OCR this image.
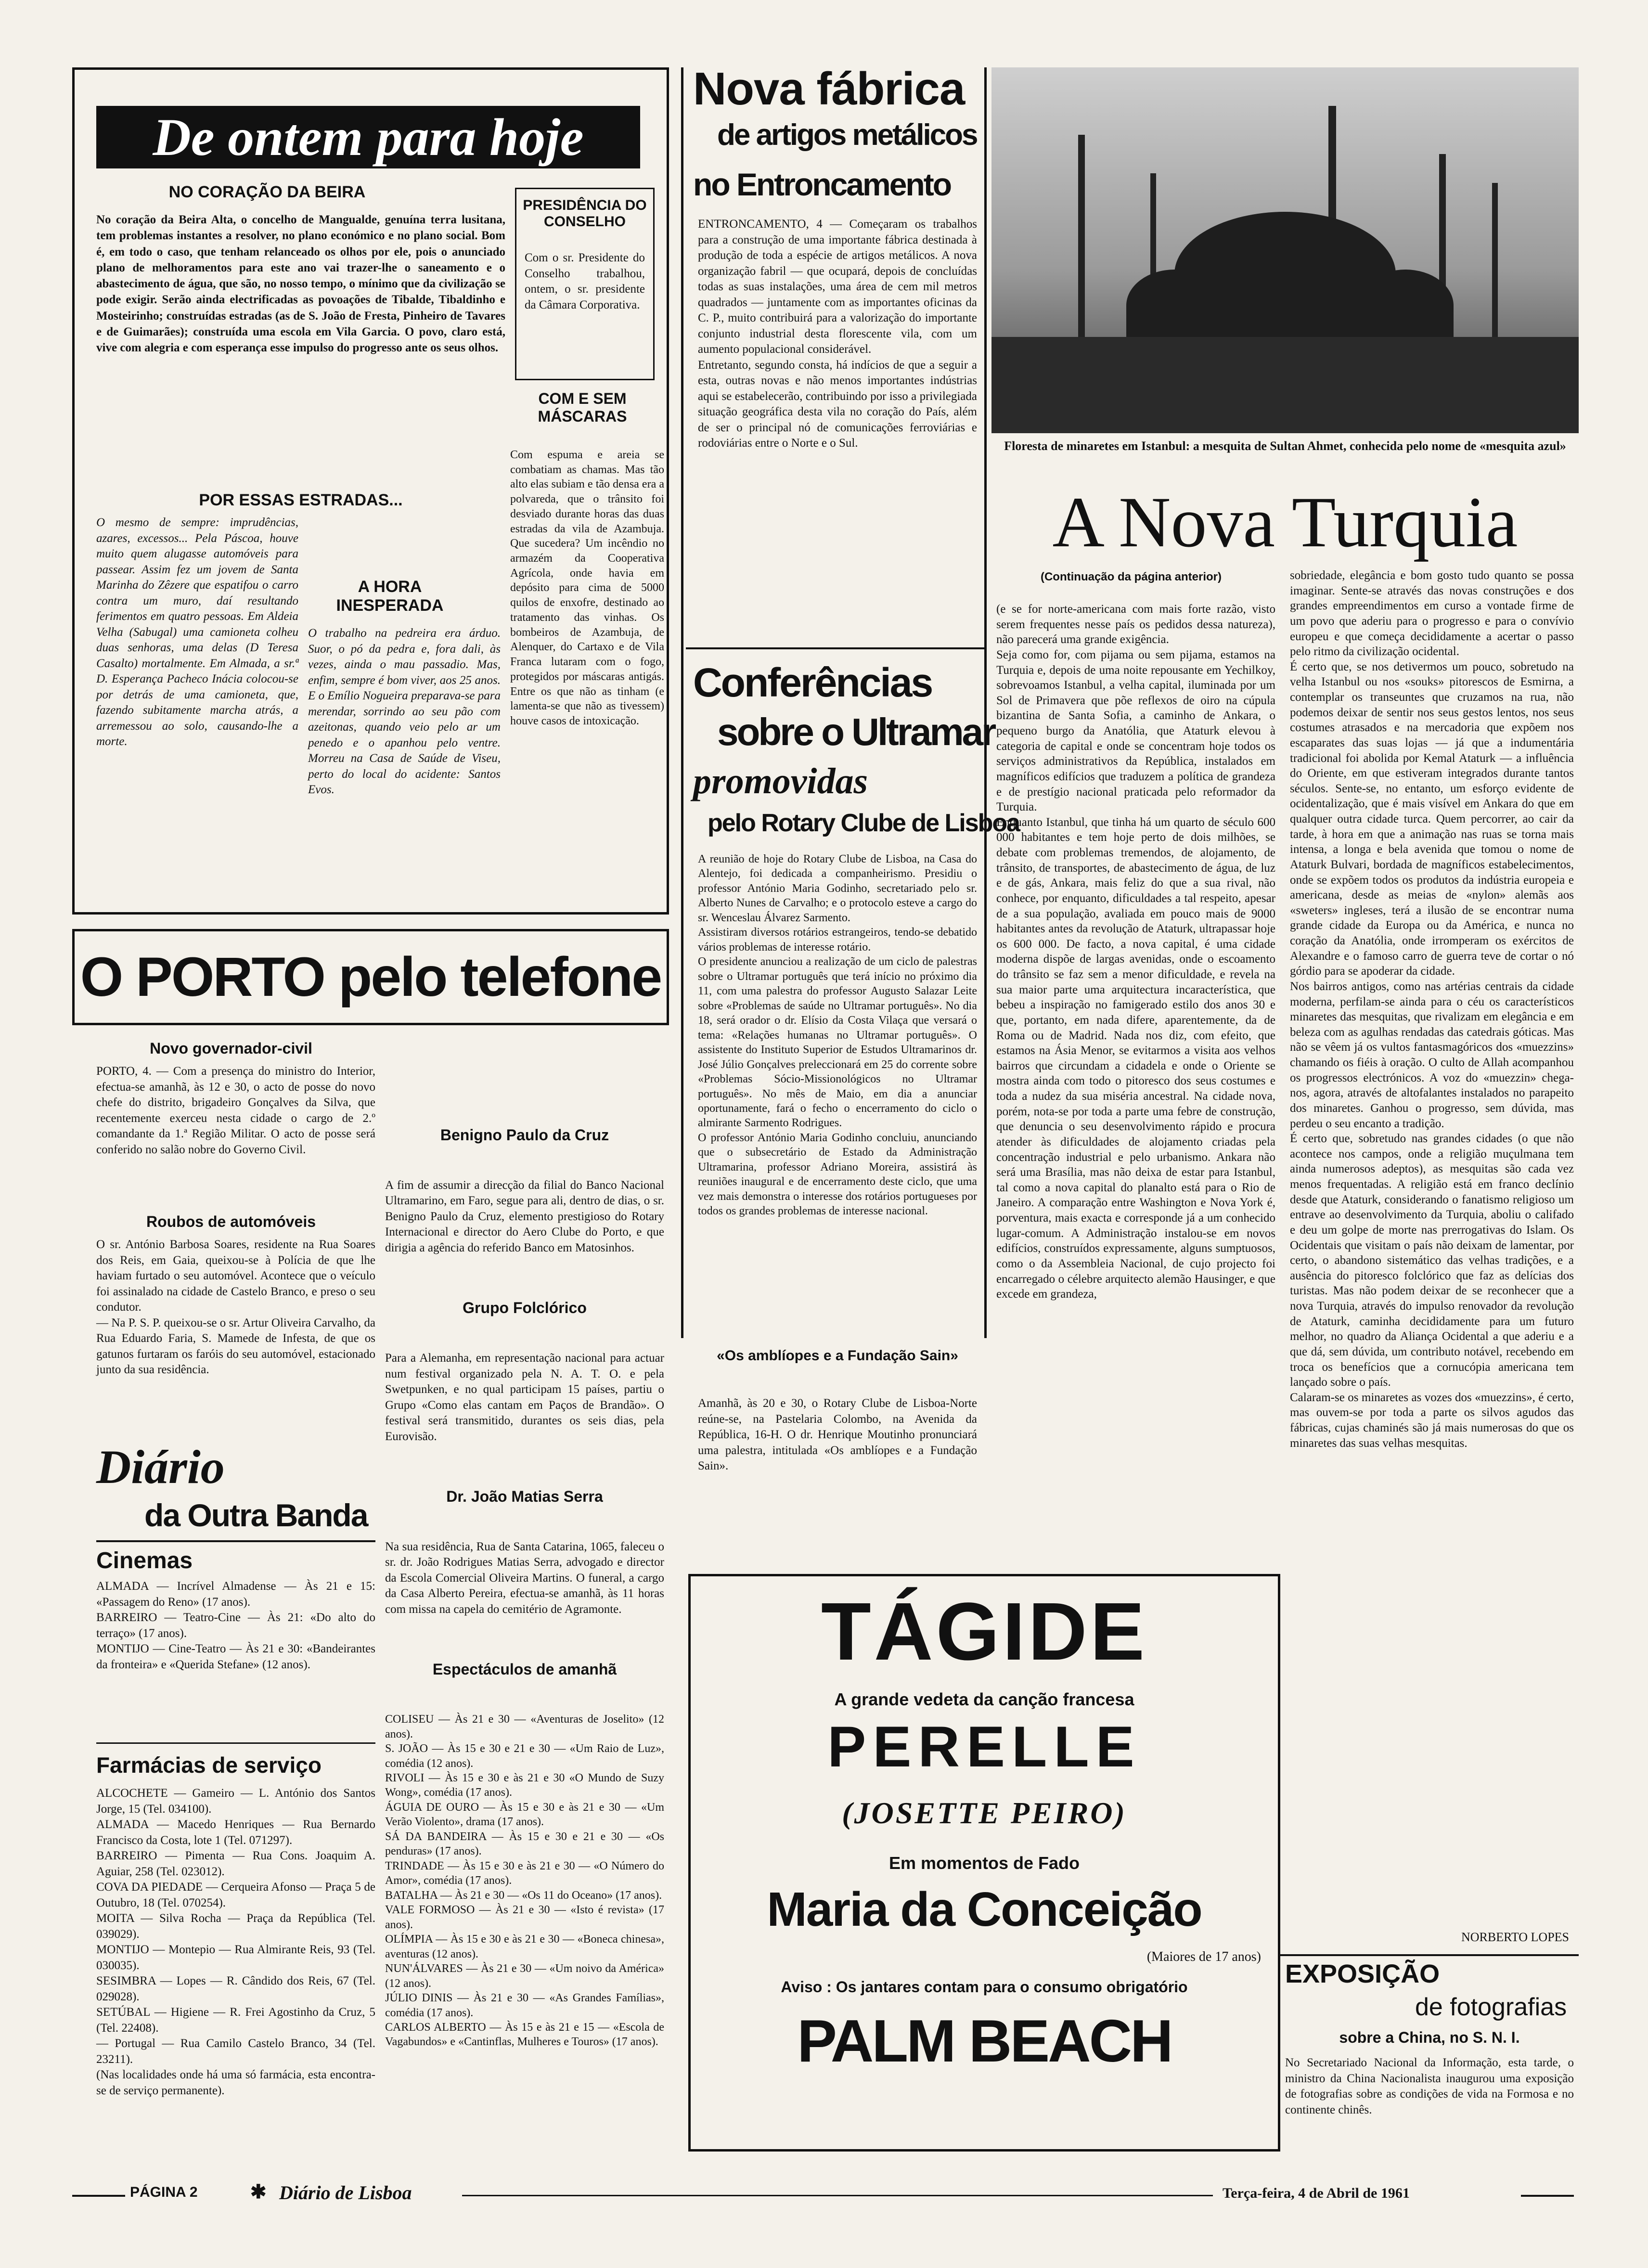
De ontem para hoje
NO CORAÇÃO DA BEIRA
No coração da Beira Alta, o concelho de Mangualde, genuína terra lusitana, tem problemas instantes a resolver, no plano económico e no plano social. Bom é, em todo o caso, que tenham relanceado os olhos por ele, pois o anunciado plano de melhoramentos para este ano vai trazer-lhe o saneamento e o abastecimento de água, que são, no nosso tempo, o mínimo que da civilização se pode exigir. Serão ainda electrificadas as povoações de Tibalde, Tibaldinho e Mosteirinho; construídas estradas (as de S. João de Fresta, Pinheiro de Tavares e de Guimarães); construída uma escola em Vila Garcia. O povo, claro está, vive com alegria e com esperança esse impulso do progresso ante os seus olhos.
POR ESSAS ESTRADAS...
O mesmo de sempre: imprudências, azares, excessos... Pela Páscoa, houve muito quem alugasse automóveis para passear. Assim fez um jovem de Santa Marinha do Zêzere que espatifou o carro contra um muro, daí resultando ferimentos em quatro pessoas. Em Aldeia Velha (Sabugal) uma camioneta colheu duas senhoras, uma delas (D Teresa Casalto) mortalmente. Em Almada, a sr.ª D. Esperança Pacheco Inácia colocou-se por detrás de uma camioneta, que, fazendo subitamente marcha atrás, a arremessou ao solo, causando-lhe a morte.
A HORA INESPERADA
O trabalho na pedreira era árduo. Suor, o pó da pedra e, fora dali, às vezes, ainda o mau passadio. Mas, enfim, sempre é bom viver, aos 25 anos. E o Emílio Nogueira preparava-se para merendar, sorrindo ao seu pão com azeitonas, quando veio pelo ar um penedo e o apanhou pelo ventre. Morreu na Casa de Saúde de Viseu, perto do local do acidente: Santos Evos.
PRESIDÊNCIA DO CONSELHO
Com o sr. Presidente do Conselho trabalhou, ontem, o sr. presidente da Câmara Corporativa.
COM E SEM MÁSCARAS
Com espuma e areia se combatiam as chamas. Mas tão alto elas subiam e tão densa era a polvareda, que o trânsito foi desviado durante horas das duas estradas da vila de Azambuja. Que sucedera? Um incêndio no armazém da Cooperativa Agrícola, onde havia em depósito para cima de 5000 quilos de enxofre, destinado ao tratamento das vinhas. Os bombeiros de Azambuja, de Alenquer, do Cartaxo e de Vila Franca lutaram com o fogo, protegidos por máscaras antigás. Entre os que não as tinham (e lamenta-se que não as tivessem) houve casos de intoxicação.
O PORTO pelo telefone
Novo governador-civil
PORTO, 4. — Com a presença do ministro do Interior, efectua-se amanhã, às 12 e 30, o acto de posse do novo chefe do distrito, brigadeiro Gonçalves da Silva, que recentemente exerceu nesta cidade o cargo de 2.º comandante da 1.ª Região Militar. O acto de posse será conferido no salão nobre do Governo Civil.
Roubos de automóveis
O sr. António Barbosa Soares, residente na Rua Soares dos Reis, em Gaia, queixou-se à Polícia de que lhe haviam furtado o seu automóvel. Acontece que o veículo foi assinalado na cidade de Castelo Branco, e preso o seu condutor.
— Na P. S. P. queixou-se o sr. Artur Oliveira Carvalho, da Rua Eduardo Faria, S. Mamede de Infesta, de que os gatunos furtaram os faróis do seu automóvel, estacionado junto da sua residência.

Benigno Paulo da Cruz

A fim de assumir a direcção da filial do Banco Nacional Ultramarino, em Faro, segue para ali, dentro de dias, o sr. Benigno Paulo da Cruz, elemento prestigioso do Rotary Internacional e director do Aero Clube do Porto, e que dirigia a agência do referido Banco em Matosinhos.

Grupo Folclórico

Para a Alemanha, em representação nacional para actuar num festival organizado pela N. A. T. O. e pela Swetpunken, e no qual participam 15 países, partiu o Grupo «Como elas cantam em Paços de Brandão». O festival será transmitido, durantes os seis dias, pela Eurovisão.

Dr. João Matias Serra

Na sua residência, Rua de Santa Catarina, 1065, faleceu o sr. dr. João Rodrigues Matias Serra, advogado e director da Escola Comercial Oliveira Martins. O funeral, a cargo da Casa Alberto Pereira, efectua-se amanhã, às 11 horas com missa na capela do cemitério de Agramonte.

Espectáculos de amanhã

COLISEU — Às 21 e 30 — «Aventuras de Joselito» (12 anos).
S. JOÃO — Às 15 e 30 e 21 e 30 — «Um Raio de Luz», comédia (12 anos).
RIVOLI — Às 15 e 30 e às 21 e 30 «O Mundo de Suzy Wong», comédia (17 anos).
ÁGUIA DE OURO — Às 15 e 30 e às 21 e 30 — «Um Verão Violento», drama (17 anos).
SÁ DA BANDEIRA — Às 15 e 30 e 21 e 30 — «Os penduras» (17 anos).
TRINDADE — Às 15 e 30 e às 21 e 30 — «O Número do Amor», comédia (17 anos).
BATALHA — Às 21 e 30 — «Os 11 do Oceano» (17 anos).
VALE FORMOSO — Às 21 e 30 — «Isto é revista» (17 anos).
OLÍMPIA — Às 15 e 30 e às 21 e 30 — «Boneca chinesa», aventuras (12 anos).
NUN'ÁLVARES — Às 21 e 30 — «Um noivo da América» (12 anos).
JÚLIO DINIS — Às 21 e 30 — «As Grandes Famílias», comédia (17 anos).
CARLOS ALBERTO — Às 15 e às 21 e 15 — «Escola de Vagabundos» e «Cantinflas, Mulheres e Touros» (17 anos).

Diário
da Outra Banda
Cinemas
ALMADA — Incrível Almadense — Às 21 e 15: «Passagem do Reno» (17 anos).
BARREIRO — Teatro-Cine — Às 21: «Do alto do terraço» (17 anos).
MONTIJO — Cine-Teatro — Às 21 e 30: «Bandeirantes da fronteira» e «Querida Stefane» (12 anos).
Farmácias de serviço
ALCOCHETE — Gameiro — L. António dos Santos Jorge, 15 (Tel. 034100).
ALMADA — Macedo Henriques — Rua Bernardo Francisco da Costa, lote 1 (Tel. 071297).
BARREIRO — Pimenta — Rua Cons. Joaquim A. Aguiar, 258 (Tel. 023012).
COVA DA PIEDADE — Cerqueira Afonso — Praça 5 de Outubro, 18 (Tel. 070254).
MOITA — Silva Rocha — Praça da República (Tel. 039029).
MONTIJO — Montepio — Rua Almirante Reis, 93 (Tel. 030035).
SESIMBRA — Lopes — R. Cândido dos Reis, 67 (Tel. 029028).
SETÚBAL — Higiene — R. Frei Agostinho da Cruz, 5 (Tel. 22408).
— Portugal — Rua Camilo Castelo Branco, 34 (Tel. 23211).
(Nas localidades onde há uma só farmácia, esta encontra-se de serviço permanente).
Nova fábrica
de artigos metálicos
no Entroncamento
ENTRONCAMENTO, 4 — Começaram os trabalhos para a construção de uma importante fábrica destinada à produção de toda a espécie de artigos metálicos. A nova organização fabril — que ocupará, depois de concluídas todas as suas instalações, uma área de cem mil metros quadrados — juntamente com as importantes oficinas da C. P., muito contribuirá para a valorização do importante conjunto industrial desta florescente vila, com um aumento populacional considerável.
Entretanto, segundo consta, há indícios de que a seguir a esta, outras novas e não menos importantes indústrias aqui se estabelecerão, contribuindo por isso a privilegiada situação geográfica desta vila no coração do País, além de ser o principal nó de comunicações ferroviárias e rodoviárias entre o Norte e o Sul.
Conferências
sobre o Ultramar
promovidas
pelo Rotary Clube de Lisboa
A reunião de hoje do Rotary Clube de Lisboa, na Casa do Alentejo, foi dedicada a companheirismo. Presidiu o professor António Maria Godinho, secretariado pelo sr. Alberto Nunes de Carvalho; e o protocolo esteve a cargo do sr. Wenceslau Álvarez Sarmento.
Assistiram diversos rotários estrangeiros, tendo-se debatido vários problemas de interesse rotário.
O presidente anunciou a realização de um ciclo de palestras sobre o Ultramar português que terá início no próximo dia 11, com uma palestra do professor Augusto Salazar Leite sobre «Problemas de saúde no Ultramar português». No dia 18, será orador o dr. Elísio da Costa Vilaça que versará o tema: «Relações humanas no Ultramar português». O assistente do Instituto Superior de Estudos Ultramarinos dr. José Júlio Gonçalves preleccionará em 25 do corrente sobre «Problemas Sócio-Missionológicos no Ultramar português». No mês de Maio, em dia a anunciar oportunamente, fará o fecho o encerramento do ciclo o almirante Sarmento Rodrigues.
O professor António Maria Godinho concluiu, anunciando que o subsecretário de Estado da Administração Ultramarina, professor Adriano Moreira, assistirá às reuniões inaugural e de encerramento deste ciclo, que uma vez mais demonstra o interesse dos rotários portugueses por todos os grandes problemas de interesse nacional.
«Os amblíopes e a Fundação Sain»
Amanhã, às 20 e 30, o Rotary Clube de Lisboa-Norte reúne-se, na Pastelaria Colombo, na Avenida da República, 16-H. O dr. Henrique Moutinho pronunciará uma palestra, intitulada «Os amblíopes e a Fundação Sain».
Floresta de minaretes em Istanbul: a mesquita de Sultan Ahmet, conhecida pelo nome de «mesquita azul»
A Nova Turquia
(Continuação da página anterior)
(e se for norte-americana com mais forte razão, visto serem frequentes nesse país os pedidos dessa natureza), não parecerá uma grande exigência.
Seja como for, com pijama ou sem pijama, estamos na Turquia e, depois de uma noite repousante em Yechilkoy, sobrevoamos Istanbul, a velha capital, iluminada por um Sol de Primavera que põe reflexos de oiro na cúpula bizantina de Santa Sofia, a caminho de Ankara, o pequeno burgo da Anatólia, que Ataturk elevou à categoria de capital e onde se concentram hoje todos os serviços administrativos da República, instalados em magníficos edifícios que traduzem a política de grandeza e de prestígio nacional praticada pelo reformador da Turquia.
Enquanto Istanbul, que tinha há um quarto de século 600 000 habitantes e tem hoje perto de dois milhões, se debate com problemas tremendos, de alojamento, de trânsito, de transportes, de abastecimento de água, de luz e de gás, Ankara, mais feliz do que a sua rival, não conhece, por enquanto, dificuldades a tal respeito, apesar de a sua população, avaliada em pouco mais de 9000 habitantes antes da revolução de Ataturk, ultrapassar hoje os 600 000. De facto, a nova capital, é uma cidade moderna dispõe de largas avenidas, onde o escoamento do trânsito se faz sem a menor dificuldade, e revela na sua maior parte uma arquitectura incaracterística, que bebeu a inspiração no famigerado estilo dos anos 30 e que, portanto, em nada difere, aparentemente, da de Roma ou de Madrid. Nada nos diz, com efeito, que estamos na Ásia Menor, se evitarmos a visita aos velhos bairros que circundam a cidadela e onde o Oriente se mostra ainda com todo o pitoresco dos seus costumes e toda a nudez da sua miséria ancestral. Na cidade nova, porém, nota-se por toda a parte uma febre de construção, que denuncia o seu desenvolvimento rápido e procura atender às dificuldades de alojamento criadas pela concentração industrial e pelo urbanismo. Ankara não será uma Brasília, mas não deixa de estar para Istanbul, tal como a nova capital do planalto está para o Rio de Janeiro. A comparação entre Washington e Nova York é, porventura, mais exacta e corresponde já a um conhecido lugar-comum. A Administração instalou-se em novos edifícios, construídos expressamente, alguns sumptuosos, como o da Assembleia Nacional, de cujo projecto foi encarregado o célebre arquitecto alemão Hausinger, e que excede em grandeza,
sobriedade, elegância e bom gosto tudo quanto se possa imaginar. Sente-se através das novas construções e dos grandes empreendimentos em curso a vontade firme de um povo que aderiu para o progresso e para o convívio europeu e que começa decididamente a acertar o passo pelo ritmo da civilização ocidental.
É certo que, se nos detivermos um pouco, sobretudo na velha Istanbul ou nos «souks» pitorescos de Esmirna, a contemplar os transeuntes que cruzamos na rua, não podemos deixar de sentir nos seus gestos lentos, nos seus costumes atrasados e na mercadoria que expõem nos escaparates das suas lojas — já que a indumentária tradicional foi abolida por Kemal Ataturk — a influência do Oriente, em que estiveram integrados durante tantos séculos. Sente-se, no entanto, um esforço evidente de ocidentalização, que é mais visível em Ankara do que em qualquer outra cidade turca. Quem percorrer, ao cair da tarde, à hora em que a animação nas ruas se torna mais intensa, a longa e bela avenida que tomou o nome de Ataturk Bulvari, bordada de magníficos estabelecimentos, onde se expõem todos os produtos da indústria europeia e americana, desde as meias de «nylon» alemãs aos «sweters» ingleses, terá a ilusão de se encontrar numa grande cidade da Europa ou da América, e nunca no coração da Anatólia, onde irromperam os exércitos de Alexandre e o famoso carro de guerra teve de cortar o nó górdio para se apoderar da cidade.
Nos bairros antigos, como nas artérias centrais da cidade moderna, perfilam-se ainda para o céu os característicos minaretes das mesquitas, que rivalizam em elegância e em beleza com as agulhas rendadas das catedrais góticas. Mas não se vêem já os vultos fantasmagóricos dos «muezzins» chamando os fiéis à oração. O culto de Allah acompanhou os progressos electrónicos. A voz do «muezzin» chega-nos, agora, através de altofalantes instalados no parapeito dos minaretes. Ganhou o progresso, sem dúvida, mas perdeu o seu encanto a tradição.
É certo que, sobretudo nas grandes cidades (o que não acontece nos campos, onde a religião muçulmana tem ainda numerosos adeptos), as mesquitas são cada vez menos frequentadas. A religião está em franco declínio desde que Ataturk, considerando o fanatismo religioso um entrave ao desenvolvimento da Turquia, aboliu o califado e deu um golpe de morte nas prerrogativas do Islam. Os Ocidentais que visitam o país não deixam de lamentar, por certo, o abandono sistemático das velhas tradições, e a ausência do pitoresco folclórico que faz as delícias dos turistas. Mas não podem deixar de se reconhecer que a nova Turquia, através do impulso renovador da revolução de Ataturk, caminha decididamente para um futuro melhor, no quadro da Aliança Ocidental a que aderiu e a que dá, sem dúvida, um contributo notável, recebendo em troca os benefícios que a cornucópia americana tem lançado sobre o país.
Calaram-se os minaretes as vozes dos «muezzins», é certo, mas ouvem-se por toda a parte os silvos agudos das fábricas, cujas chaminés são já mais numerosas do que os minaretes das suas velhas mesquitas.
NORBERTO LOPES
EXPOSIÇÃO
de fotografias
sobre a China, no S. N. I.
No Secretariado Nacional da Informação, esta tarde, o ministro da China Nacionalista inaugurou uma exposição de fotografias sobre as condições de vida na Formosa e no continente chinês.
TÁGIDE
A grande vedeta da canção francesa
PERELLE
(JOSETTE PEIRO)
Em momentos de Fado
Maria da Conceição
(Maiores de 17 anos)
Aviso : Os jantares contam para o consumo obrigatório
PALM BEACH
PÁGINA 2	✱ Diário de Lisboa	Terça-feira, 4 de Abril de 1961
